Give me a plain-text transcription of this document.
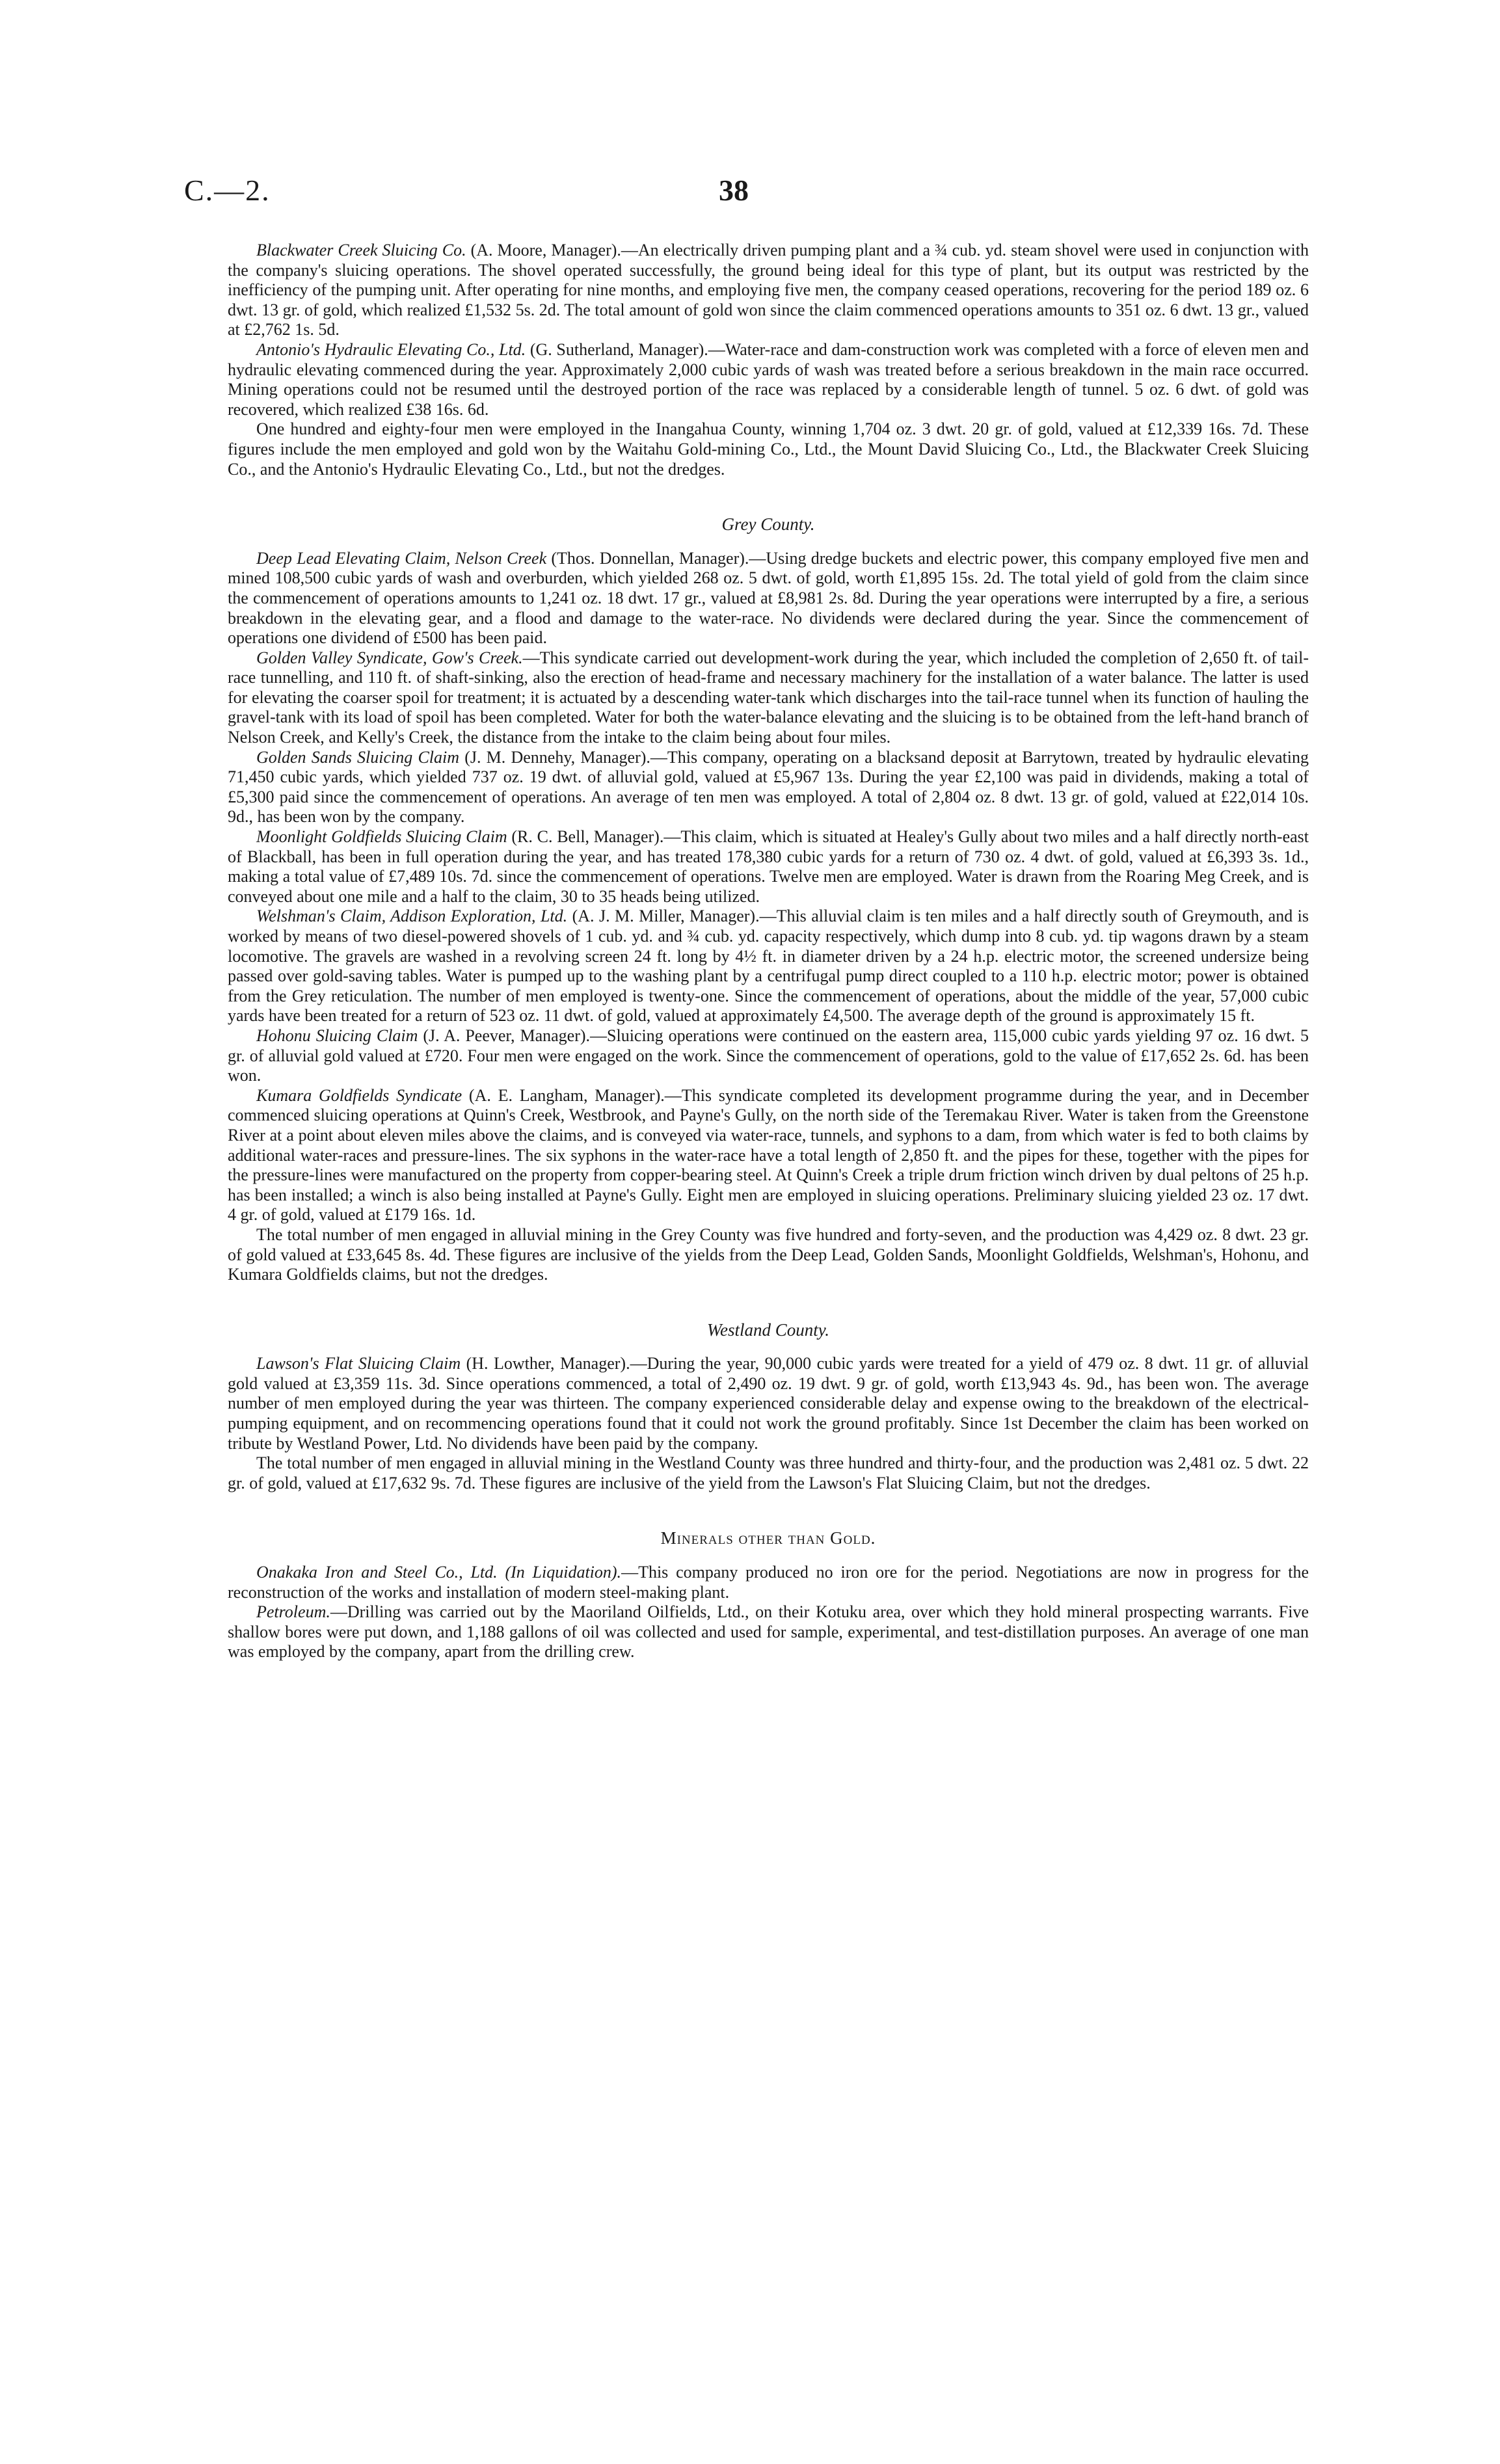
C.—2.	38

Blackwater Creek Sluicing Co. (A. Moore, Manager).—An electrically driven pumping plant and a ¾ cub. yd. steam shovel were used in conjunction with the company's sluicing operations. The shovel operated successfully, the ground being ideal for this type of plant, but its output was restricted by the inefficiency of the pumping unit. After operating for nine months, and employing five men, the company ceased operations, recovering for the period 189 oz. 6 dwt. 13 gr. of gold, which realized £1,532 5s. 2d. The total amount of gold won since the claim commenced operations amounts to 351 oz. 6 dwt. 13 gr., valued at £2,762 1s. 5d.

Antonio's Hydraulic Elevating Co., Ltd. (G. Sutherland, Manager).—Water-race and dam-construction work was completed with a force of eleven men and hydraulic elevating commenced during the year. Approximately 2,000 cubic yards of wash was treated before a serious breakdown in the main race occurred. Mining operations could not be resumed until the destroyed portion of the race was replaced by a considerable length of tunnel. 5 oz. 6 dwt. of gold was recovered, which realized £38 16s. 6d.

One hundred and eighty-four men were employed in the Inangahua County, winning 1,704 oz. 3 dwt. 20 gr. of gold, valued at £12,339 16s. 7d. These figures include the men employed and gold won by the Waitahu Gold-mining Co., Ltd., the Mount David Sluicing Co., Ltd., the Blackwater Creek Sluicing Co., and the Antonio's Hydraulic Elevating Co., Ltd., but not the dredges.

Grey County.

Deep Lead Elevating Claim, Nelson Creek (Thos. Donnellan, Manager).—Using dredge buckets and electric power, this company employed five men and mined 108,500 cubic yards of wash and overburden, which yielded 268 oz. 5 dwt. of gold, worth £1,895 15s. 2d. The total yield of gold from the claim since the commencement of operations amounts to 1,241 oz. 18 dwt. 17 gr., valued at £8,981 2s. 8d. During the year operations were interrupted by a fire, a serious breakdown in the elevating gear, and a flood and damage to the water-race. No dividends were declared during the year. Since the commencement of operations one dividend of £500 has been paid.

Golden Valley Syndicate, Gow's Creek.—This syndicate carried out development-work during the year, which included the completion of 2,650 ft. of tail-race tunnelling, and 110 ft. of shaft-sinking, also the erection of head-frame and necessary machinery for the installation of a water balance. The latter is used for elevating the coarser spoil for treatment; it is actuated by a descending water-tank which discharges into the tail-race tunnel when its function of hauling the gravel-tank with its load of spoil has been completed. Water for both the water-balance elevating and the sluicing is to be obtained from the left-hand branch of Nelson Creek, and Kelly's Creek, the distance from the intake to the claim being about four miles.

Golden Sands Sluicing Claim (J. M. Dennehy, Manager).—This company, operating on a blacksand deposit at Barrytown, treated by hydraulic elevating 71,450 cubic yards, which yielded 737 oz. 19 dwt. of alluvial gold, valued at £5,967 13s. During the year £2,100 was paid in dividends, making a total of £5,300 paid since the commencement of operations. An average of ten men was employed. A total of 2,804 oz. 8 dwt. 13 gr. of gold, valued at £22,014 10s. 9d., has been won by the company.

Moonlight Goldfields Sluicing Claim (R. C. Bell, Manager).—This claim, which is situated at Healey's Gully about two miles and a half directly north-east of Blackball, has been in full operation during the year, and has treated 178,380 cubic yards for a return of 730 oz. 4 dwt. of gold, valued at £6,393 3s. 1d., making a total value of £7,489 10s. 7d. since the commencement of operations. Twelve men are employed. Water is drawn from the Roaring Meg Creek, and is conveyed about one mile and a half to the claim, 30 to 35 heads being utilized.

Welshman's Claim, Addison Exploration, Ltd. (A. J. M. Miller, Manager).—This alluvial claim is ten miles and a half directly south of Greymouth, and is worked by means of two diesel-powered shovels of 1 cub. yd. and ¾ cub. yd. capacity respectively, which dump into 8 cub. yd. tip wagons drawn by a steam locomotive. The gravels are washed in a revolving screen 24 ft. long by 4½ ft. in diameter driven by a 24 h.p. electric motor, the screened undersize being passed over gold-saving tables. Water is pumped up to the washing plant by a centrifugal pump direct coupled to a 110 h.p. electric motor; power is obtained from the Grey reticulation. The number of men employed is twenty-one. Since the commencement of operations, about the middle of the year, 57,000 cubic yards have been treated for a return of 523 oz. 11 dwt. of gold, valued at approximately £4,500. The average depth of the ground is approximately 15 ft.

Hohonu Sluicing Claim (J. A. Peever, Manager).—Sluicing operations were continued on the eastern area, 115,000 cubic yards yielding 97 oz. 16 dwt. 5 gr. of alluvial gold valued at £720. Four men were engaged on the work. Since the commencement of operations, gold to the value of £17,652 2s. 6d. has been won.

Kumara Goldfields Syndicate (A. E. Langham, Manager).—This syndicate completed its development programme during the year, and in December commenced sluicing operations at Quinn's Creek, Westbrook, and Payne's Gully, on the north side of the Teremakau River. Water is taken from the Greenstone River at a point about eleven miles above the claims, and is conveyed via water-race, tunnels, and syphons to a dam, from which water is fed to both claims by additional water-races and pressure-lines. The six syphons in the water-race have a total length of 2,850 ft. and the pipes for these, together with the pipes for the pressure-lines were manufactured on the property from copper-bearing steel. At Quinn's Creek a triple drum friction winch driven by dual peltons of 25 h.p. has been installed; a winch is also being installed at Payne's Gully. Eight men are employed in sluicing operations. Preliminary sluicing yielded 23 oz. 17 dwt. 4 gr. of gold, valued at £179 16s. 1d.

The total number of men engaged in alluvial mining in the Grey County was five hundred and forty-seven, and the production was 4,429 oz. 8 dwt. 23 gr. of gold valued at £33,645 8s. 4d. These figures are inclusive of the yields from the Deep Lead, Golden Sands, Moonlight Goldfields, Welshman's, Hohonu, and Kumara Goldfields claims, but not the dredges.

Westland County.

Lawson's Flat Sluicing Claim (H. Lowther, Manager).—During the year, 90,000 cubic yards were treated for a yield of 479 oz. 8 dwt. 11 gr. of alluvial gold valued at £3,359 11s. 3d. Since operations commenced, a total of 2,490 oz. 19 dwt. 9 gr. of gold, worth £13,943 4s. 9d., has been won. The average number of men employed during the year was thirteen. The company experienced considerable delay and expense owing to the breakdown of the electrical-pumping equipment, and on recommencing operations found that it could not work the ground profitably. Since 1st December the claim has been worked on tribute by Westland Power, Ltd. No dividends have been paid by the company.

The total number of men engaged in alluvial mining in the Westland County was three hundred and thirty-four, and the production was 2,481 oz. 5 dwt. 22 gr. of gold, valued at £17,632 9s. 7d. These figures are inclusive of the yield from the Lawson's Flat Sluicing Claim, but not the dredges.

Minerals other than Gold.

Onakaka Iron and Steel Co., Ltd. (In Liquidation).—This company produced no iron ore for the period. Negotiations are now in progress for the reconstruction of the works and installation of modern steel-making plant.

Petroleum.—Drilling was carried out by the Maoriland Oilfields, Ltd., on their Kotuku area, over which they hold mineral prospecting warrants. Five shallow bores were put down, and 1,188 gallons of oil was collected and used for sample, experimental, and test-distillation purposes. An average of one man was employed by the company, apart from the drilling crew.
